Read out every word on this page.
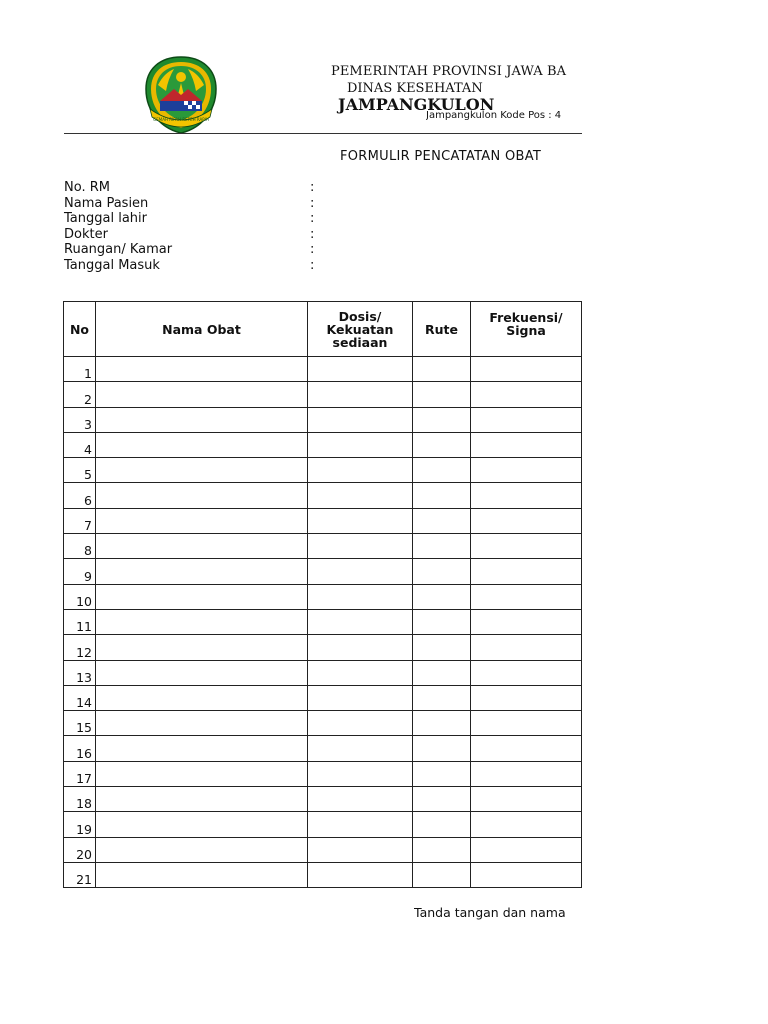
GEMAH RIPAH REPEH RAPIH
PEMERINTAH PROVINSI JAWA BA
DINAS KESEHATAN
JAMPANGKULON
Jampangkulon Kode Pos : 4
FORMULIR PENCATATAN OBAT
No. RM	:
Nama Pasien	:
Tanggal lahir	:
Dokter	:
Ruangan/ Kamar	:
Tanggal Masuk	:
No	Nama Obat	Dosis/ Kekuatan sediaan	Rute	Frekuensi/ Signa
1				
2				
3				
4				
5				
6				
7				
8				
9				
10				
11				
12				
13				
14				
15				
16				
17				
18				
19				
20				
21				
Tanda tangan dan nama
